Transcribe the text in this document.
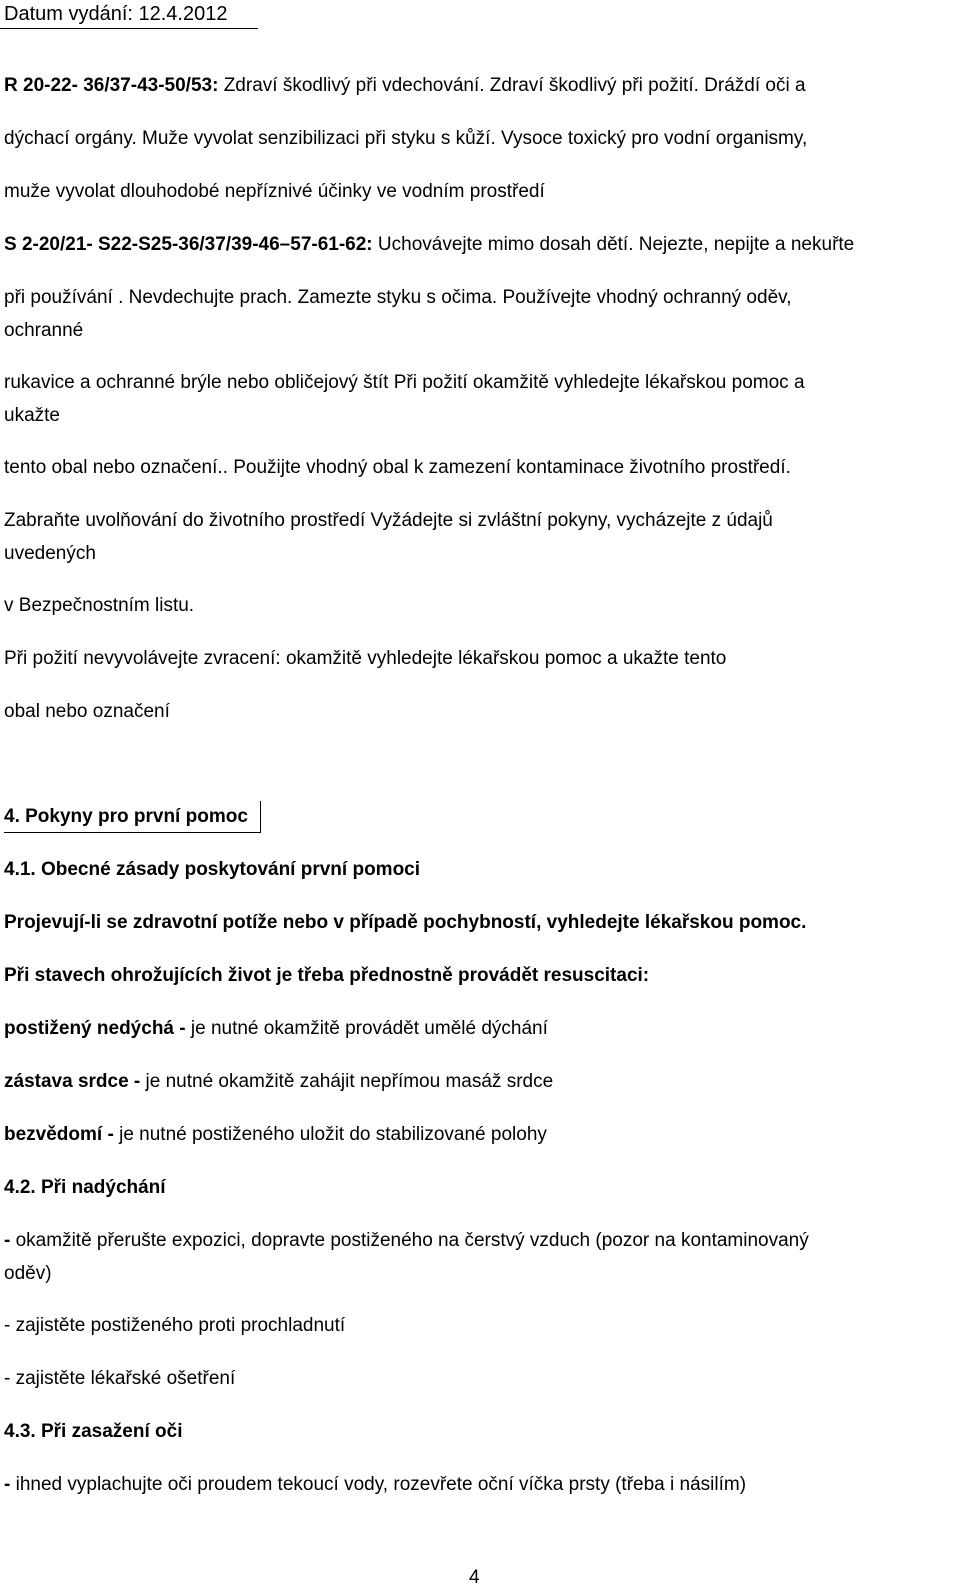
Datum vydání: 12.4.2012
R 20-22- 36/37-43-50/53: Zdraví škodlivý při vdechování. Zdraví škodlivý při požití. Dráždí oči a
dýchací orgány. Muže vyvolat senzibilizaci při styku s kůží. Vysoce toxický pro vodní organismy,
muže vyvolat dlouhodobé nepříznivé účinky ve vodním prostředí
S 2-20/21- S22-S25-36/37/39-46–57-61-62: Uchovávejte mimo dosah dětí. Nejezte, nepijte a nekuřte
při používání . Nevdechujte prach. Zamezte styku s očima. Používejte vhodný ochranný oděv,
ochranné
rukavice a ochranné brýle nebo obličejový štít Při požití okamžitě vyhledejte lékařskou pomoc a
ukažte
tento obal nebo označení.. Použijte vhodný obal k zamezení kontaminace životního prostředí.
Zabraňte uvolňování do životního prostředí Vyžádejte si zvláštní pokyny, vycházejte z údajů
uvedených
v Bezpečnostním listu.
Při požití nevyvolávejte zvracení: okamžitě vyhledejte lékařskou pomoc a ukažte tento
obal nebo označení
4. Pokyny pro první pomoc
4.1. Obecné zásady poskytování první pomoci
Projevují-li se zdravotní potíže nebo v případě pochybností, vyhledejte lékařskou pomoc.
Při stavech ohrožujících život je třeba přednostně provádět resuscitaci:
postižený nedýchá - je nutné okamžitě provádět umělé dýchání
zástava srdce - je nutné okamžitě zahájit nepřímou masáž srdce
bezvědomí - je nutné postiženého uložit do stabilizované polohy
4.2. Při nadýchání
- okamžitě přerušte expozici, dopravte postiženého na čerstvý vzduch (pozor na kontaminovaný
oděv)
- zajistěte postiženého proti prochladnutí
- zajistěte lékařské ošetření
4.3. Při zasažení oči
- ihned vyplachujte oči proudem tekoucí vody, rozevřete oční víčka prsty (třeba i násilím)
4
